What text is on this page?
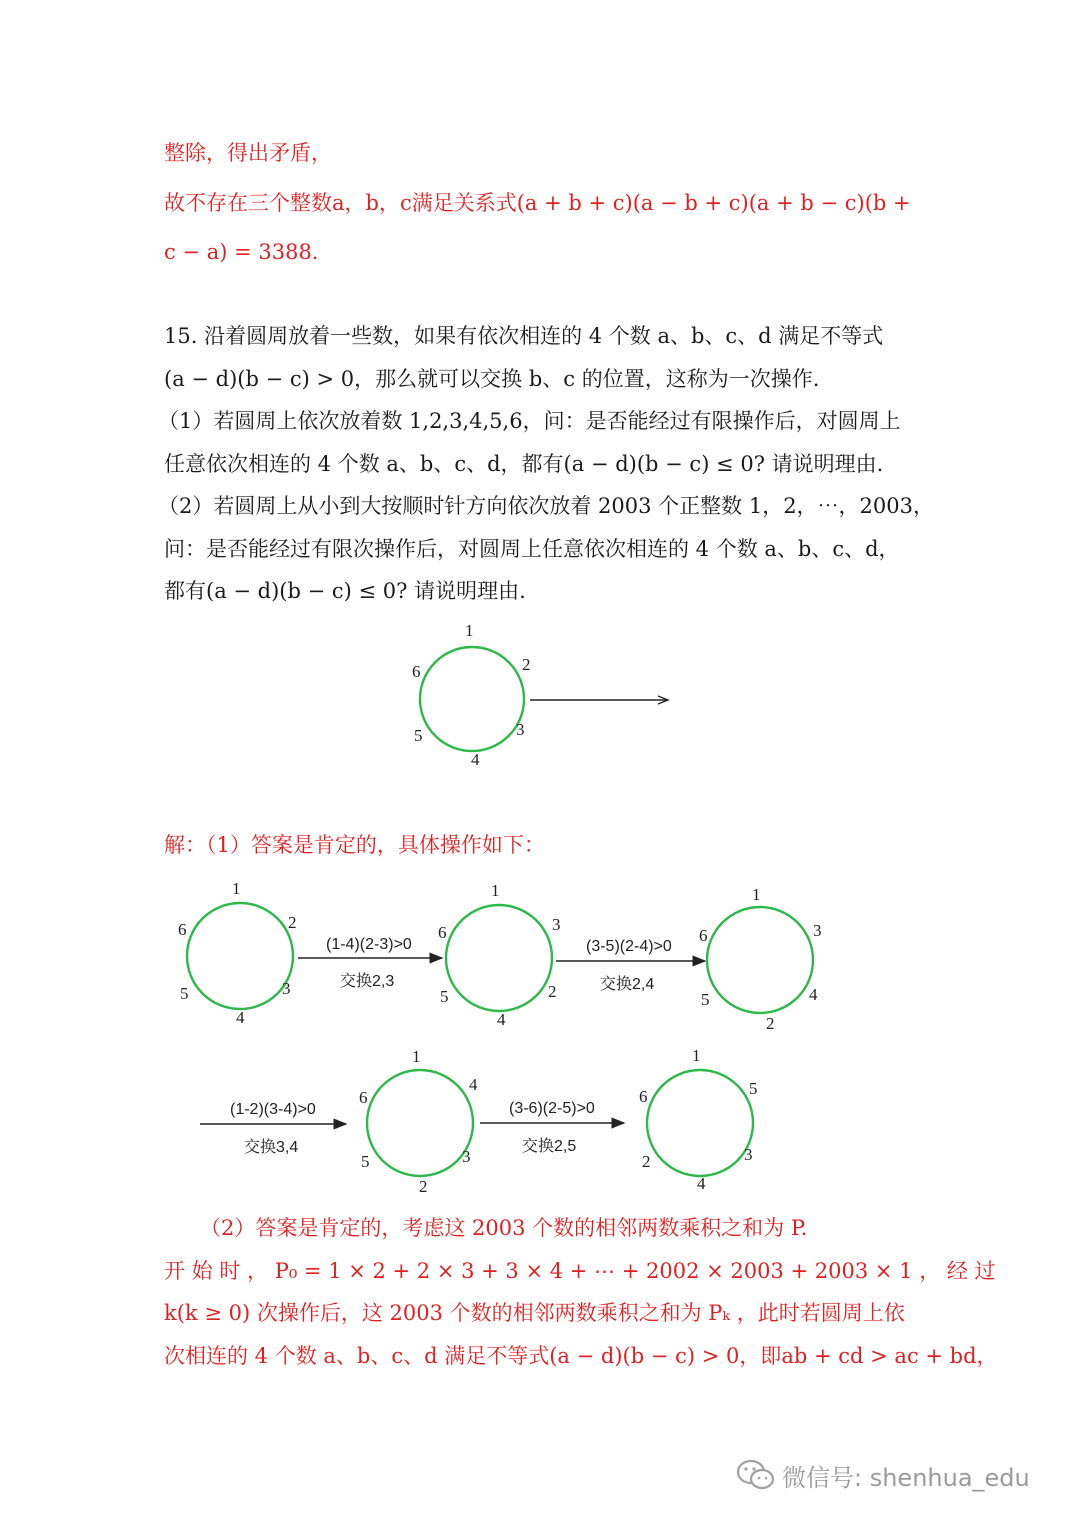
整除，得出矛盾，
故不存在三个整数a，b，c满足关系式(a + b + c)(a − b + c)(a + b − c)(b +
c − a) = 3388.
15. 沿着圆周放着一些数，如果有依次相连的 4 个数 a、b、c、d 满足不等式
(a − d)(b − c) > 0，那么就可以交换 b、c 的位置，这称为一次操作.
（1）若圆周上依次放着数 1,2,3,4,5,6，问：是否能经过有限操作后，对圆周上
任意依次相连的 4 个数 a、b、c、d，都有(a − d)(b − c) ≤ 0? 请说明理由.
（2）若圆周上从小到大按顺时针方向依次放着 2003 个正整数 1，2，⋯，2003，
问：是否能经过有限次操作后，对圆周上任意依次相连的 4 个数 a、b、c、d，
都有(a − d)(b − c) ≤ 0? 请说明理由.
1
2
3
4
5
6
解：（1）答案是肯定的，具体操作如下：
1
2
3
4
5
6
(1-4)(2-3)>0
交换2,3
1
3
2
4
5
6
(3-5)(2-4)>0
交换2,4
1
3
4
2
5
6
(1-2)(3-4)>0
交换3,4
1
4
3
2
5
6
(3-6)(2-5)>0
交换2,5
1
5
3
4
2
6
（2）答案是肯定的，考虑这 2003 个数的相邻两数乘积之和为 P.
开 始 时 ， P₀ = 1 × 2 + 2 × 3 + 3 × 4 + ⋯ + 2002 × 2003 + 2003 × 1 ， 经 过
k(k ≥ 0) 次操作后，这 2003 个数的相邻两数乘积之和为 Pₖ ，此时若圆周上依
次相连的 4 个数 a、b、c、d 满足不等式(a − d)(b − c) > 0，即ab + cd > ac + bd，
微信号: shenhua_edu
